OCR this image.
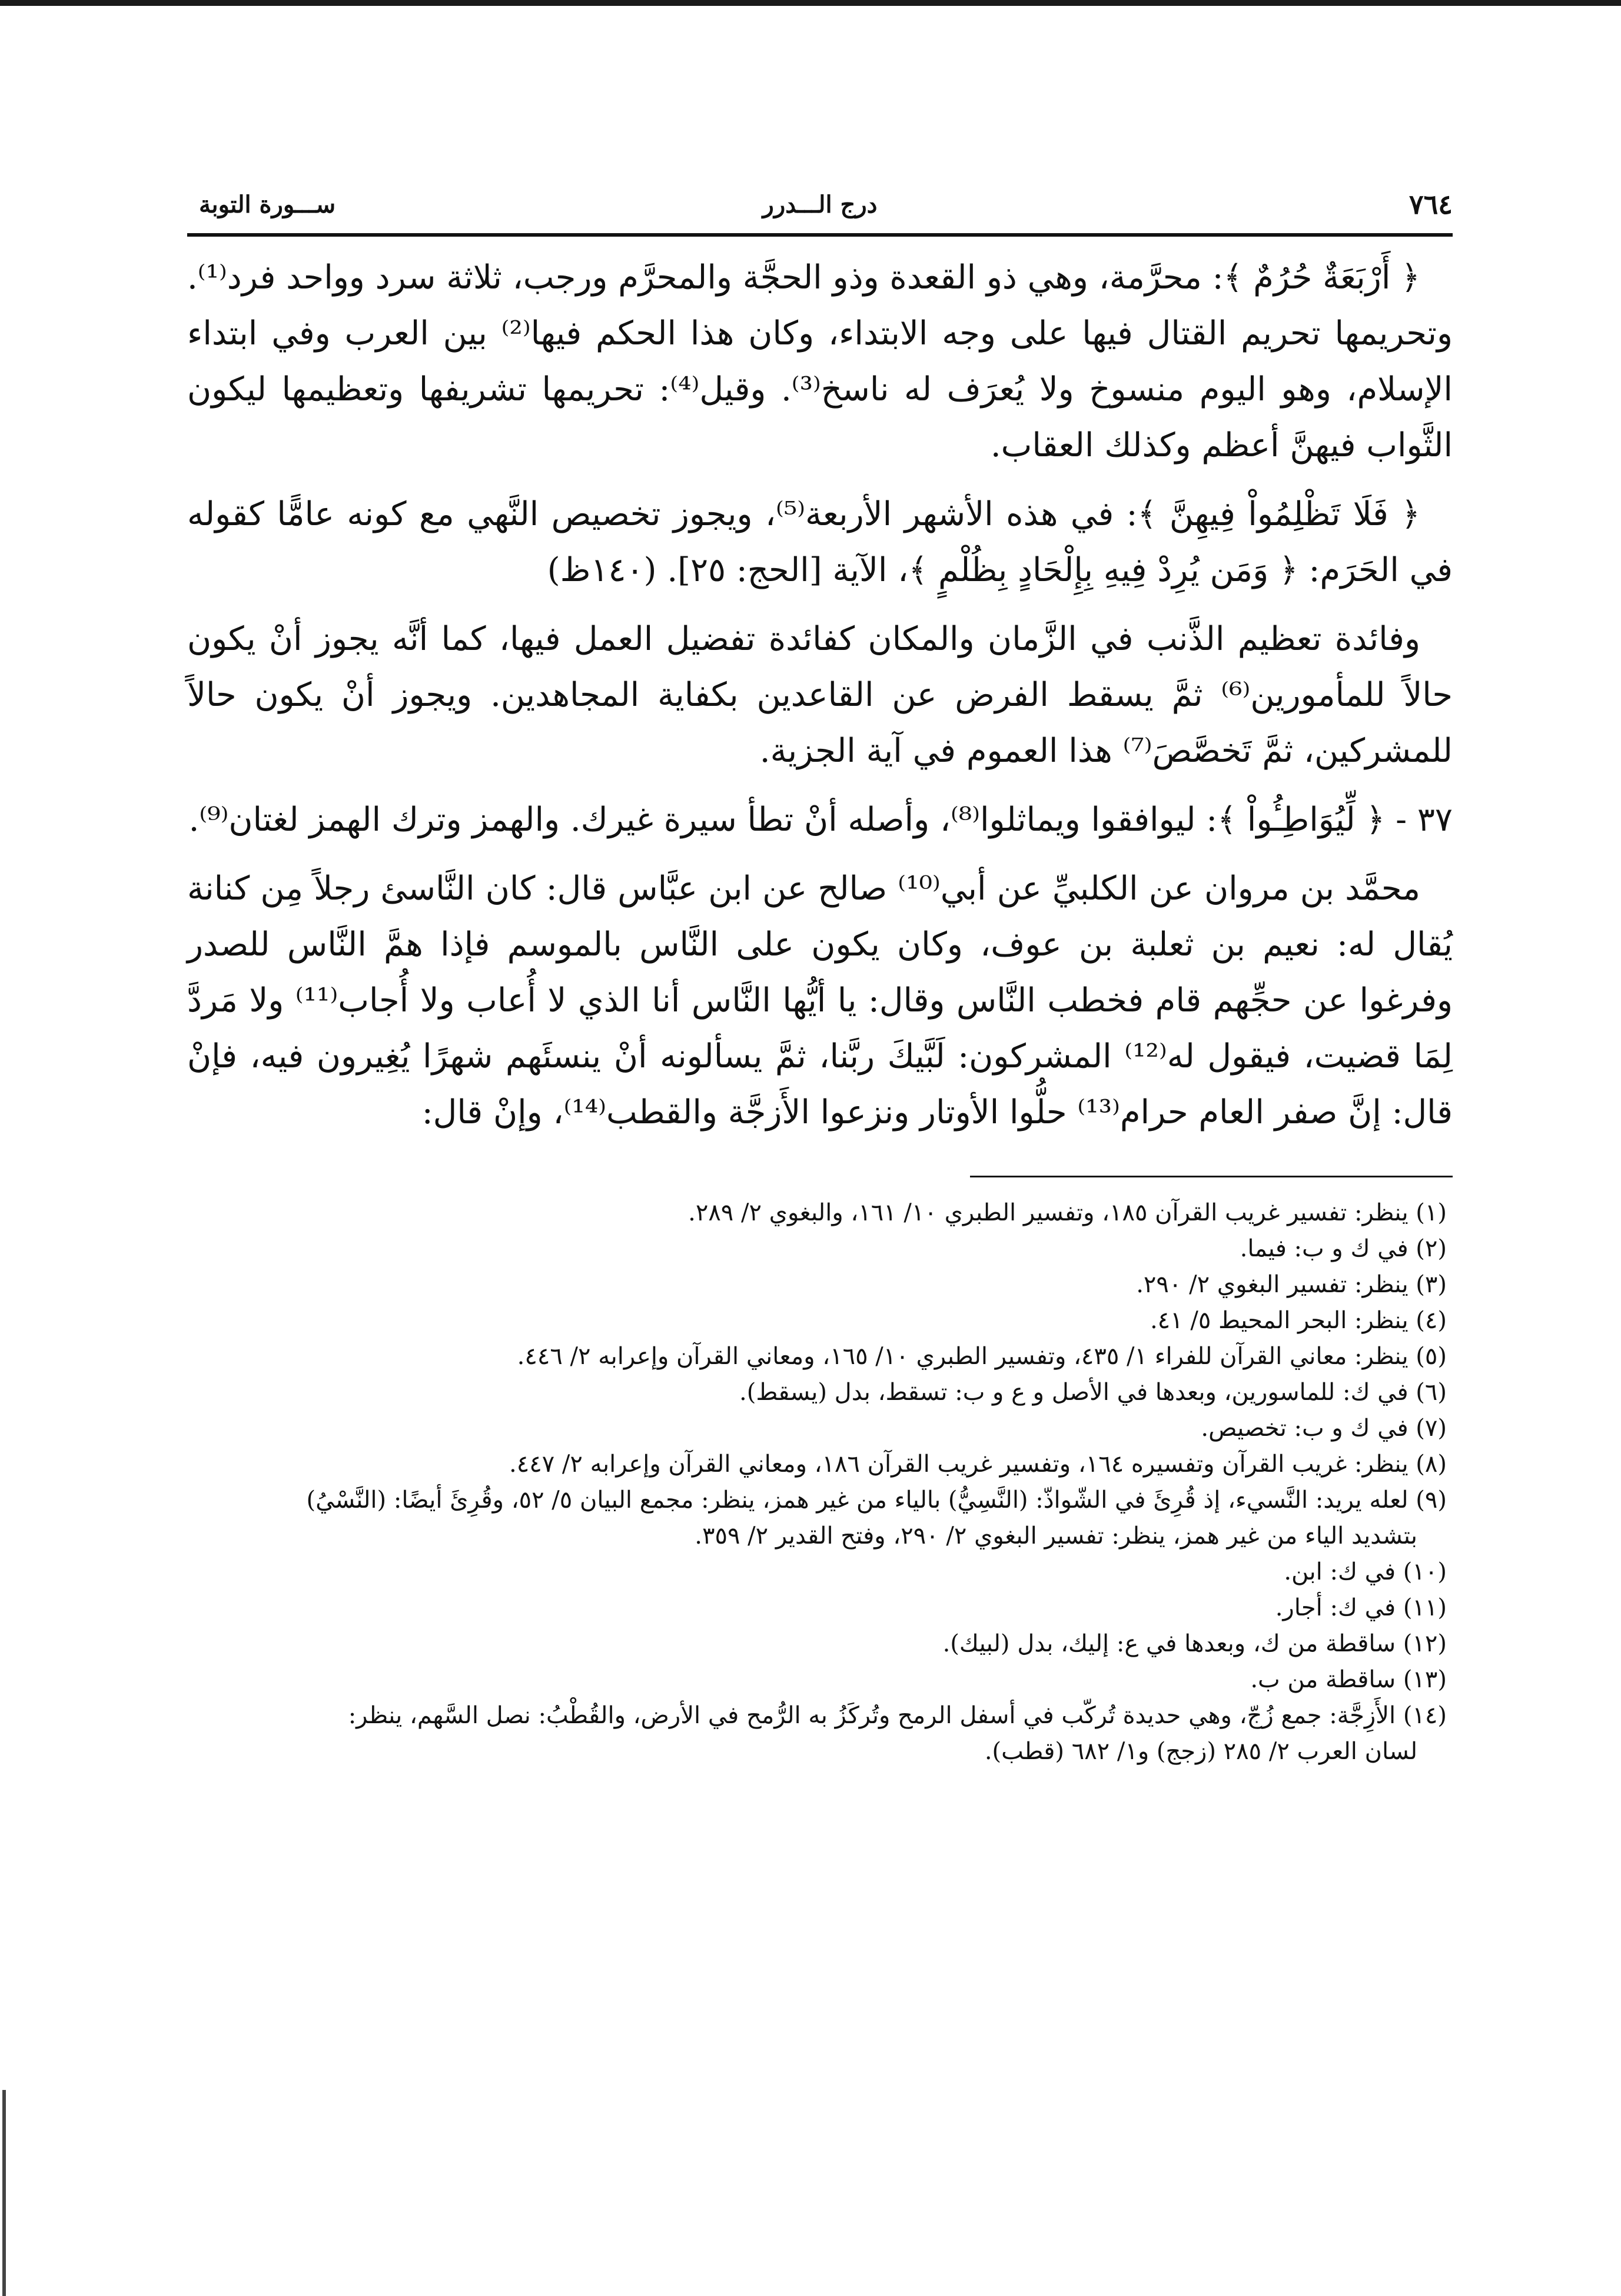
٧٦٤
درج الـــدرر
ســـورة التوبة

﴿ أَرْبَعَةٌ حُرُمٌ ﴾: محرَّمة، وهي ذو القعدة وذو الحجَّة والمحرَّم ورجب، ثلاثة سرد وواحد فرد⁽¹⁾. وتحريمها تحريم القتال فيها على وجه الابتداء، وكان هذا الحكم فيها⁽²⁾ بين العرب وفي ابتداء الإسلام، وهو اليوم منسوخ ولا يُعرَف له ناسخ⁽³⁾. وقيل⁽⁴⁾: تحريمها تشريفها وتعظيمها ليكون الثَّواب فيهنَّ أعظم وكذلك العقاب.

﴿ فَلَا تَظْلِمُواْ فِيهِنَّ ﴾: في هذه الأشهر الأربعة⁽⁵⁾، ويجوز تخصيص النَّهي مع كونه عامًّا كقوله في الحَرَم: ﴿ وَمَن يُرِدْ فِيهِ بِإِلْحَادٍ بِظُلْمٍ ﴾، الآية [الحج: ٢٥]. (١٤٠ظ)

وفائدة تعظيم الذَّنب في الزَّمان والمكان كفائدة تفضيل العمل فيها، كما أنَّه يجوز أنْ يكون حالاً للمأمورين⁽⁶⁾ ثمَّ يسقط الفرض عن القاعدين بكفاية المجاهدين. ويجوز أنْ يكون حالاً للمشركين، ثمَّ تَخصَّصَ⁽⁷⁾ هذا العموم في آية الجزية.

٣٧ - ﴿ لِّيُوَاطِـُٔواْ ﴾: ليوافقوا ويماثلوا⁽⁸⁾، وأصله أنْ تطأ سيرة غيرك. والهمز وترك الهمز لغتان⁽⁹⁾.

محمَّد بن مروان عن الكلبيِّ عن أبي⁽¹⁰⁾ صالح عن ابن عبَّاس قال: كان النَّاسئ رجلاً مِن كنانة يُقال له: نعيم بن ثعلبة بن عوف، وكان يكون على النَّاس بالموسم فإذا همَّ النَّاس للصدر وفرغوا عن حجِّهم قام فخطب النَّاس وقال: يا أيُّها النَّاس أنا الذي لا أُعاب ولا أُجاب⁽¹¹⁾ ولا مَردَّ لِمَا قضيت، فيقول له⁽¹²⁾ المشركون: لَبَّيكَ ربَّنا، ثمَّ يسألونه أنْ ينسئَهم شهرًا يُغِيرون فيه، فإنْ قال: إنَّ صفر العام حرام⁽¹³⁾ حلُّوا الأوتار ونزعوا الأَزجَّة والقطب⁽¹⁴⁾، وإنْ قال:

(١) ينظر: تفسير غريب القرآن ١٨٥، وتفسير الطبري ١٠/ ١٦١، والبغوي ٢/ ٢٨٩.

(٢) في ك و ب: فيما.

(٣) ينظر: تفسير البغوي ٢/ ٢٩٠.

(٤) ينظر: البحر المحيط ٥/ ٤١.

(٥) ينظر: معاني القرآن للفراء ١/ ٤٣٥، وتفسير الطبري ١٠/ ١٦٥، ومعاني القرآن وإعرابه ٢/ ٤٤٦.

(٦) في ك: للماسورين، وبعدها في الأصل و ع و ب: تسقط، بدل (يسقط).

(٧) في ك و ب: تخصيص.

(٨) ينظر: غريب القرآن وتفسيره ١٦٤، وتفسير غريب القرآن ١٨٦، ومعاني القرآن وإعرابه ٢/ ٤٤٧.

(٩) لعله يريد: النَّسيء، إذ قُرِئَ في الشّواذّ: (النَّسِيُّ) بالياء من غير همز، ينظر: مجمع البيان ٥/ ٥٢، وقُرِئَ أيضًا: (النَّسْيُ)

بتشديد الياء من غير همز، ينظر: تفسير البغوي ٢/ ٢٩٠، وفتح القدير ٢/ ٣٥٩.

(١٠) في ك: ابن.

(١١) في ك: أجار.

(١٢) ساقطة من ك، وبعدها في ع: إليك، بدل (لبيك).

(١٣) ساقطة من ب.

(١٤) الأَزِجَّة: جمع زُجّ، وهي حديدة تُركّب في أسفل الرمح وتُركَزُ به الرُّمح في الأرض، والقُطْبُ: نصل السَّهم، ينظر:

لسان العرب ٢/ ٢٨٥ (زجج) و١/ ٦٨٢ (قطب).
